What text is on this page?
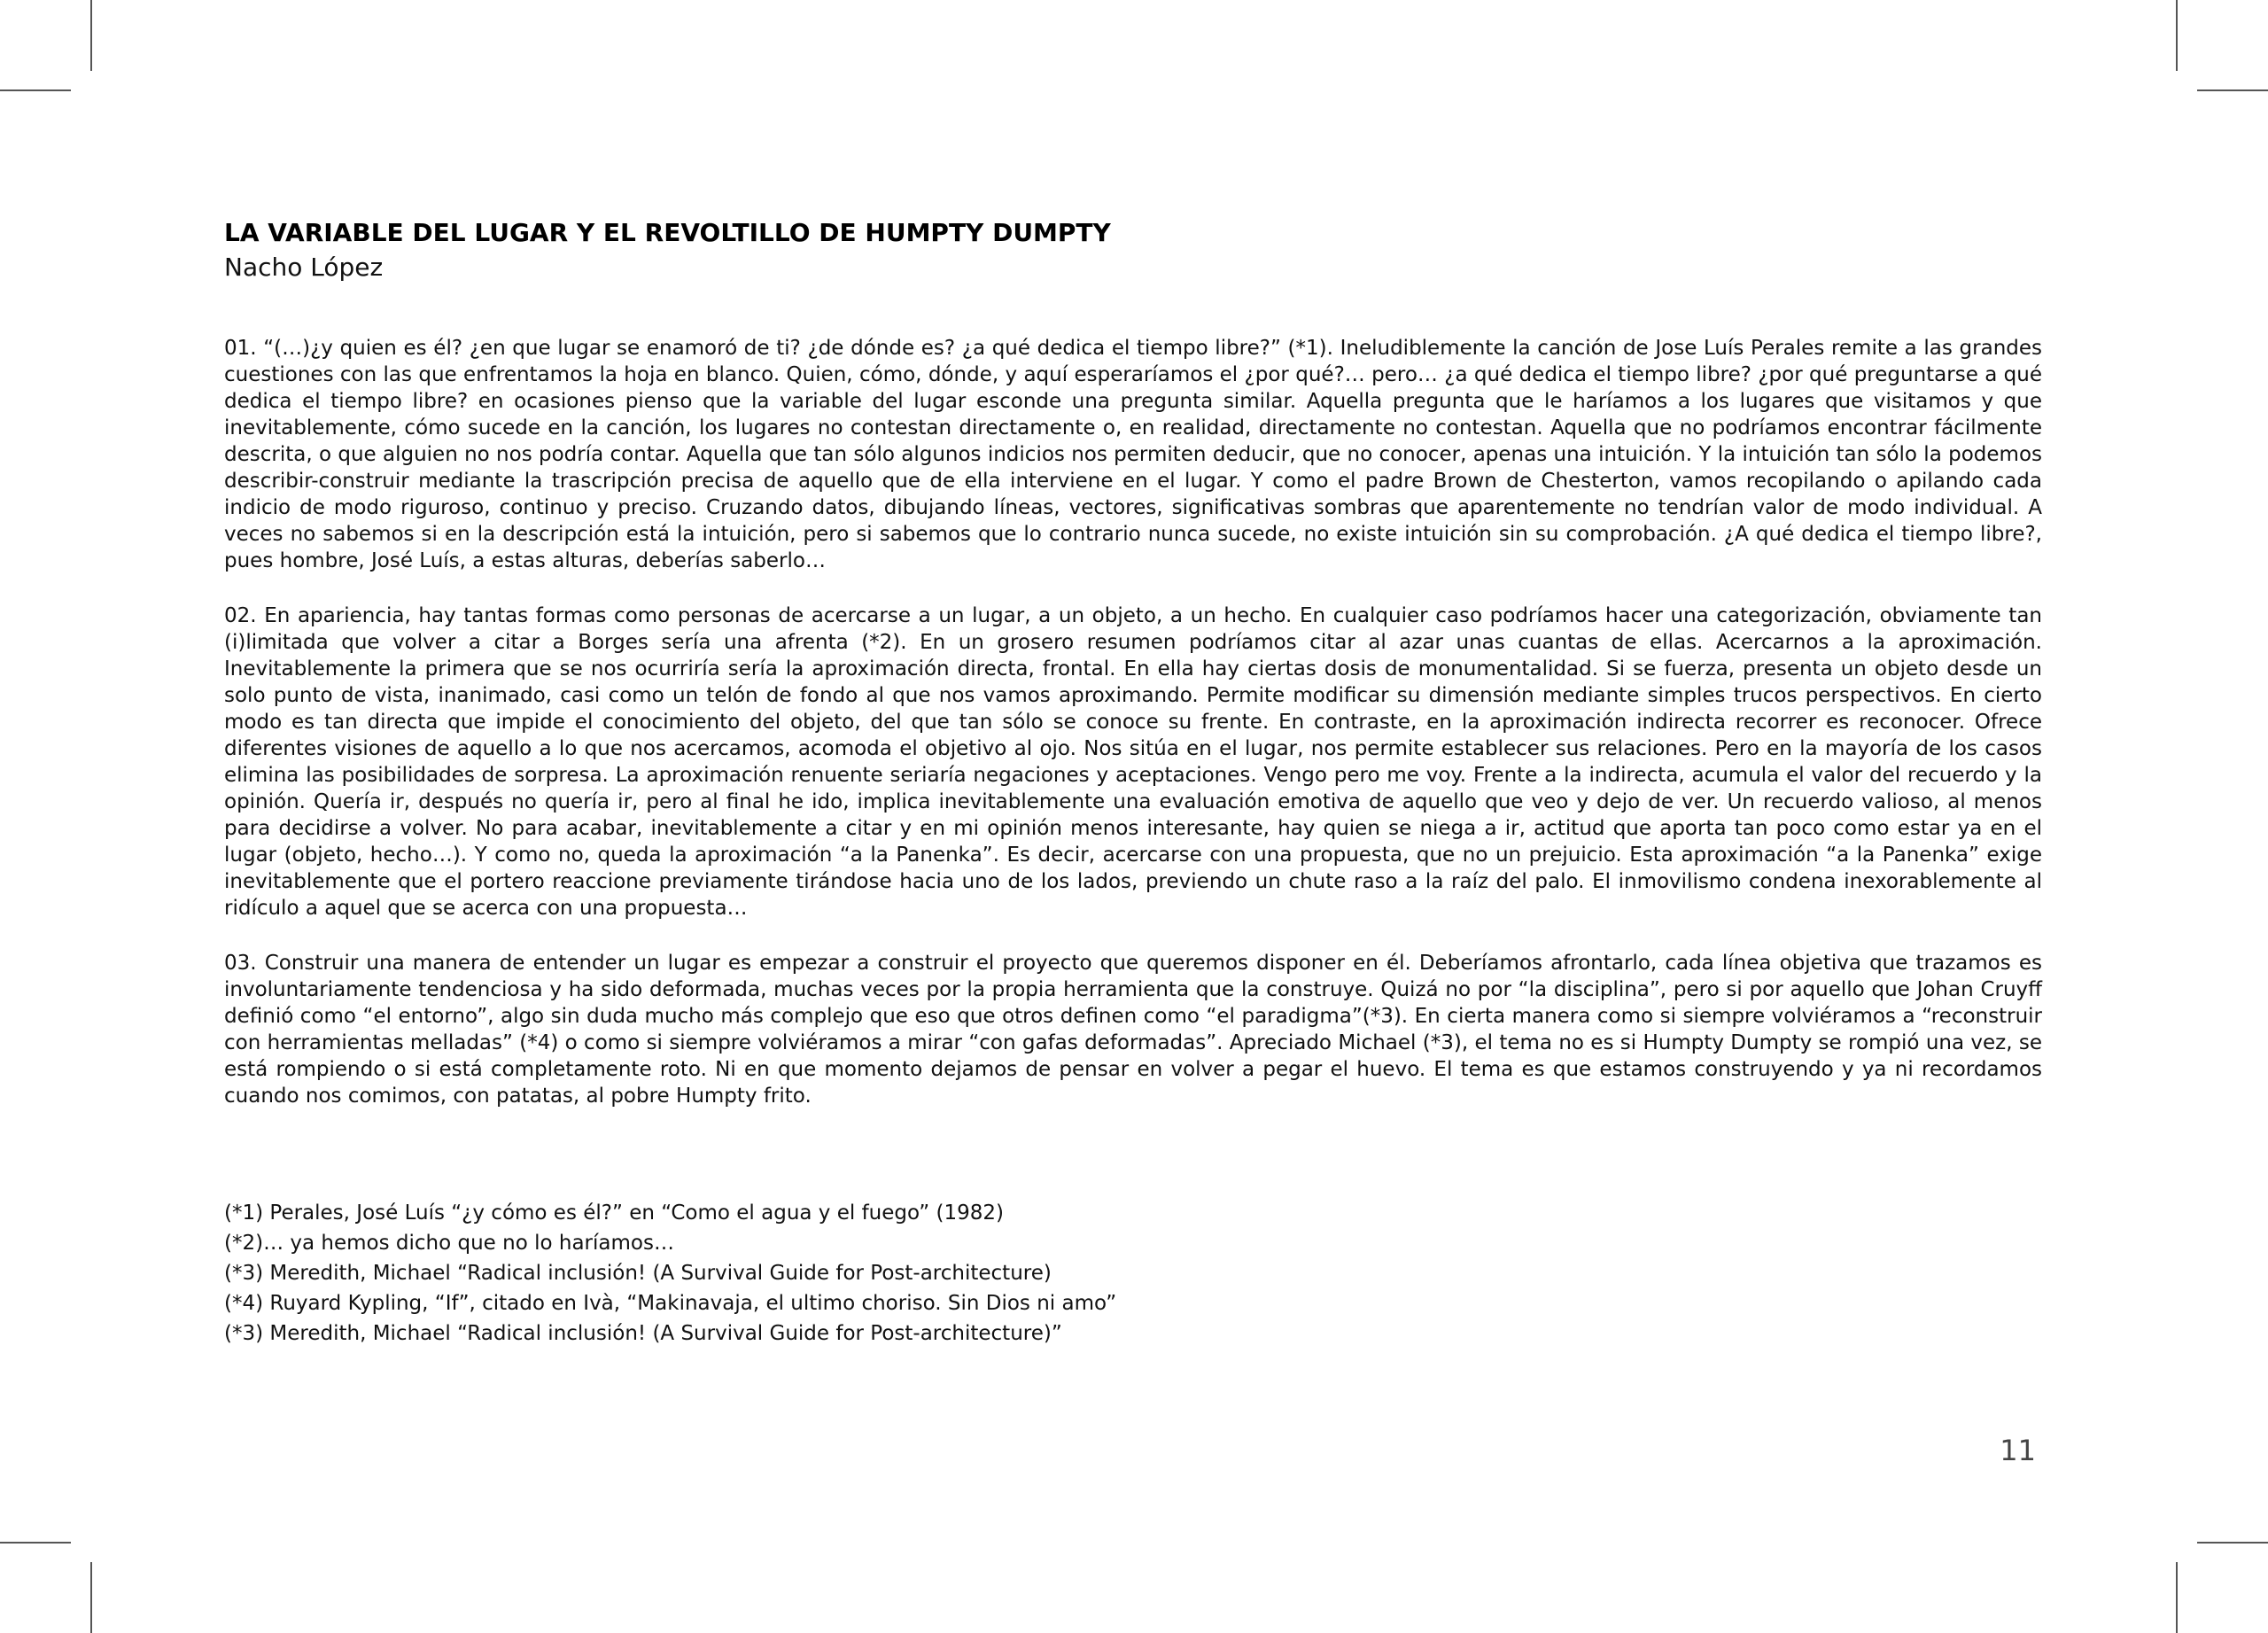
LA VARIABLE DEL LUGAR Y EL REVOLTILLO DE HUMPTY DUMPTY

Nacho López

01. “(…)¿y quien es él? ¿en que lugar se enamoró de ti? ¿de dónde es? ¿a qué dedica el tiempo libre?” (*1). Ineludiblemente la canción de Jose Luís Perales remite a las grandes cuestiones con las que enfrentamos la hoja en blanco. Quien, cómo, dónde, y aquí esperaríamos el ¿por qué?… pero… ¿a qué dedica el tiempo libre? ¿por qué preguntarse a qué dedica el tiempo libre? en ocasiones pienso que la variable del lugar esconde una pregunta similar. Aquella pregunta que le haríamos a los lugares que visitamos y que inevitablemente, cómo sucede en la canción, los lugares no contestan directamente o, en realidad, directamente no contestan. Aquella que no podríamos encontrar fácilmente descrita, o que alguien no nos podría contar. Aquella que tan sólo algunos indicios nos permiten deducir, que no conocer, apenas una intuición. Y la intuición tan sólo la podemos describir-construir mediante la trascripción precisa de aquello que de ella interviene en el lugar. Y como el padre Brown de Chesterton, vamos recopilando o apilando cada indicio de modo riguroso, continuo y preciso. Cruzando datos, dibujando líneas, vectores, significativas sombras que aparentemente no tendrían valor de modo individual. A veces no sabemos si en la descripción está la intuición, pero si sabemos que lo contrario nunca sucede, no existe intuición sin su comprobación. ¿A qué dedica el tiempo libre?, pues hombre, José Luís, a estas alturas, deberías saberlo…

02. En apariencia, hay tantas formas como personas de acercarse a un lugar, a un objeto, a un hecho. En cualquier caso podríamos hacer una categorización, obviamente tan (i)limitada que volver a citar a Borges sería una afrenta (*2). En un grosero resumen podríamos citar al azar unas cuantas de ellas. Acercarnos a la aproximación. Inevitablemente la primera que se nos ocurriría sería la aproximación directa, frontal. En ella hay ciertas dosis de monumentalidad. Si se fuerza, presenta un objeto desde un solo punto de vista, inanimado, casi como un telón de fondo al que nos vamos aproximando. Permite modificar su dimensión mediante simples trucos perspectivos. En cierto modo es tan directa que impide el conocimiento del objeto, del que tan sólo se conoce su frente. En contraste, en la aproximación indirecta recorrer es reconocer. Ofrece diferentes visiones de aquello a lo que nos acercamos, acomoda el objetivo al ojo. Nos sitúa en el lugar, nos permite establecer sus relaciones. Pero en la mayoría de los casos elimina las posibilidades de sorpresa. La aproximación renuente seriaría negaciones y aceptaciones. Vengo pero me voy. Frente a la indirecta, acumula el valor del recuerdo y la opinión. Quería ir, después no quería ir, pero al final he ido, implica inevitablemente una evaluación emotiva de aquello que veo y dejo de ver. Un recuerdo valioso, al menos para decidirse a volver. No para acabar, inevitablemente a citar y en mi opinión menos interesante, hay quien se niega a ir, actitud que aporta tan poco como estar ya en el lugar (objeto, hecho…). Y como no, queda la aproximación “a la Panenka”. Es decir, acercarse con una propuesta, que no un prejuicio. Esta aproximación “a la Panenka” exige inevitablemente que el portero reaccione previamente tirándose hacia uno de los lados, previendo un chute raso a la raíz del palo. El inmovilismo condena inexorablemente al ridículo a aquel que se acerca con una propuesta…

03. Construir una manera de entender un lugar es empezar a construir el proyecto que queremos disponer en él. Deberíamos afrontarlo, cada línea objetiva que trazamos es involuntariamente tendenciosa y ha sido deformada, muchas veces por la propia herramienta que la construye. Quizá no por “la disciplina”, pero si por aquello que Johan Cruyff definió como “el entorno”, algo sin duda mucho más complejo que eso que otros definen como “el paradigma”(*3). En cierta manera como si siempre volviéramos a “reconstruir con herramientas melladas” (*4) o como si siempre volviéramos a mirar “con gafas deformadas”. Apreciado Michael (*3), el tema no es si Humpty Dumpty se rompió una vez, se está rompiendo o si está completamente roto. Ni en que momento dejamos de pensar en volver a pegar el huevo. El tema es que estamos construyendo y ya ni recordamos cuando nos comimos, con patatas, al pobre Humpty frito.

(*1) Perales, José Luís “¿y cómo es él?” en “Como el agua y el fuego” (1982)

(*2)… ya hemos dicho que no lo haríamos…

(*3) Meredith, Michael “Radical inclusión! (A Survival Guide for Post-architecture)

(*4) Ruyard Kypling, “If”, citado en Ivà, “Makinavaja, el ultimo choriso. Sin Dios ni amo”

(*3) Meredith, Michael “Radical inclusión! (A Survival Guide for Post-architecture)”

11
